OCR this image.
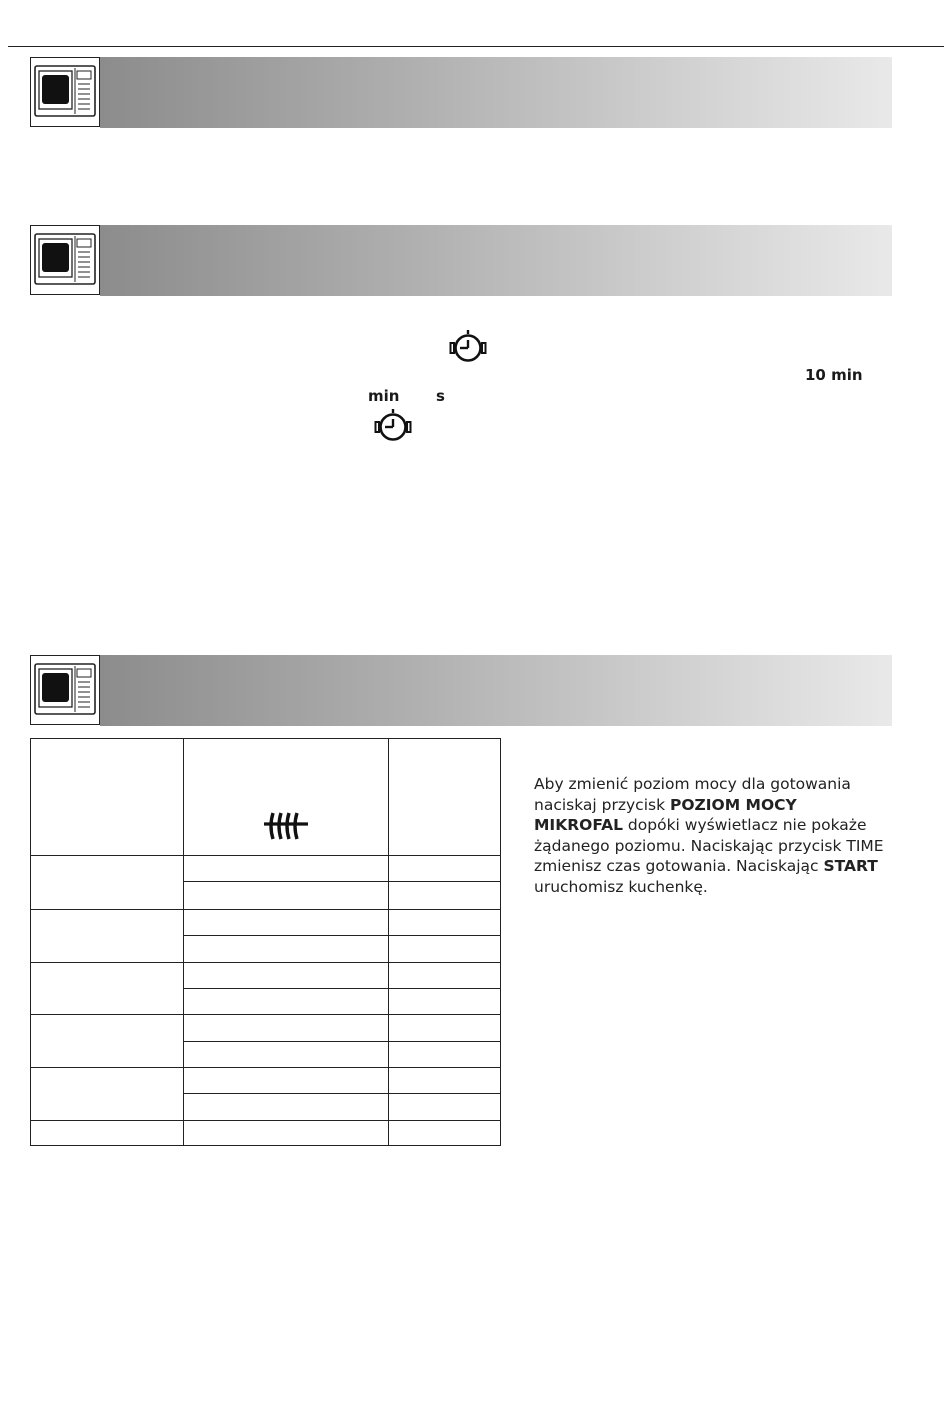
10 min
min s

Aby zmienić poziom mocy dla gotowania naciskaj przycisk POZIOM MOCY MIKROFAL dopóki wyświetlacz nie pokaże żądanego poziomu. Naciskając przycisk TIME zmienisz czas gotowania. Naciskając START uruchomisz kuchenkę.
